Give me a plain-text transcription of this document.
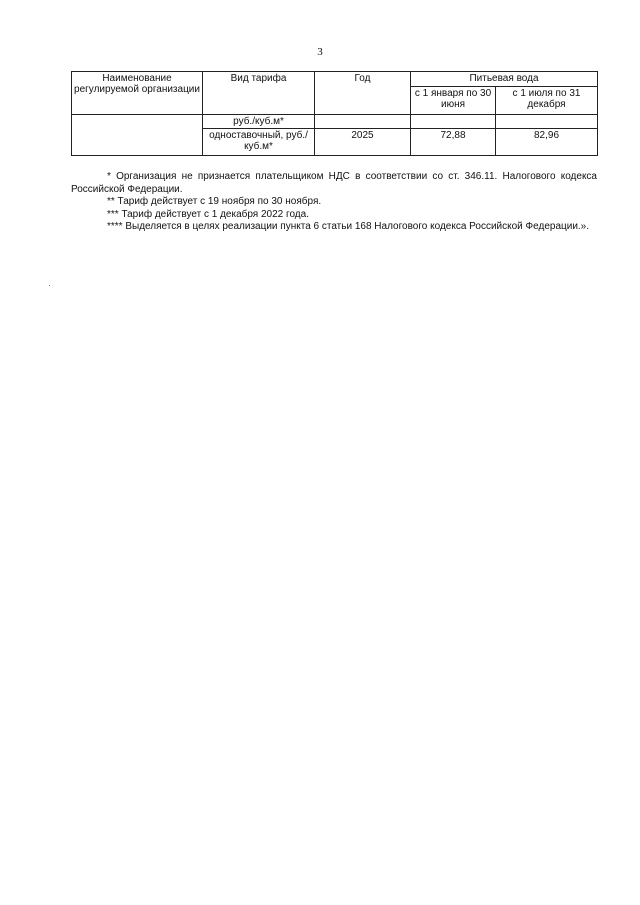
3
Наименование регулируемой организации	Вид тарифа	Год	Питьевая вода	
			с 1 января по 30 июня	с 1 июля по 31 декабря
	руб./куб.м*			
	одноставочный, руб./куб.м*	2025	72,88	82,96

* Организация не признается плательщиком НДС в соответствии со ст. 346.11. Налогового кодекса Российской Федерации.

** Тариф действует с 19 ноября по 30 ноября.

*** Тариф действует с 1 декабря 2022 года.

**** Выделяется в целях реализации пункта 6 статьи 168 Налогового кодекса Российской Федерации.».
